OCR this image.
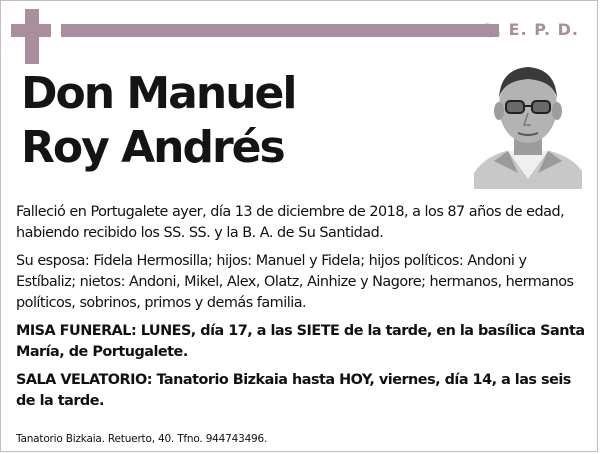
Q. E. P. D.
Don Manuel
Roy Andrés

Falleció en Portugalete ayer, día 13 de diciembre de 2018, a los 87 años de edad, habiendo recibido los SS. SS. y la B. A. de Su Santidad.

Su esposa: Fidela Hermosilla; hijos: Manuel y Fidela; hijos políticos: Andoni y Estíbaliz; nietos: Andoni, Mikel, Alex, Olatz, Ainhize y Nagore; hermanos, hermanos políticos, sobrinos, primos y demás familia.

MISA FUNERAL: LUNES, día 17, a las SIETE de la tarde, en la basílica Santa María, de Portugalete.

SALA VELATORIO: Tanatorio Bizkaia hasta HOY, viernes, día 14, a las seis de la tarde.

Tanatorio Bizkaia. Retuerto, 40. Tfno. 944743496.
